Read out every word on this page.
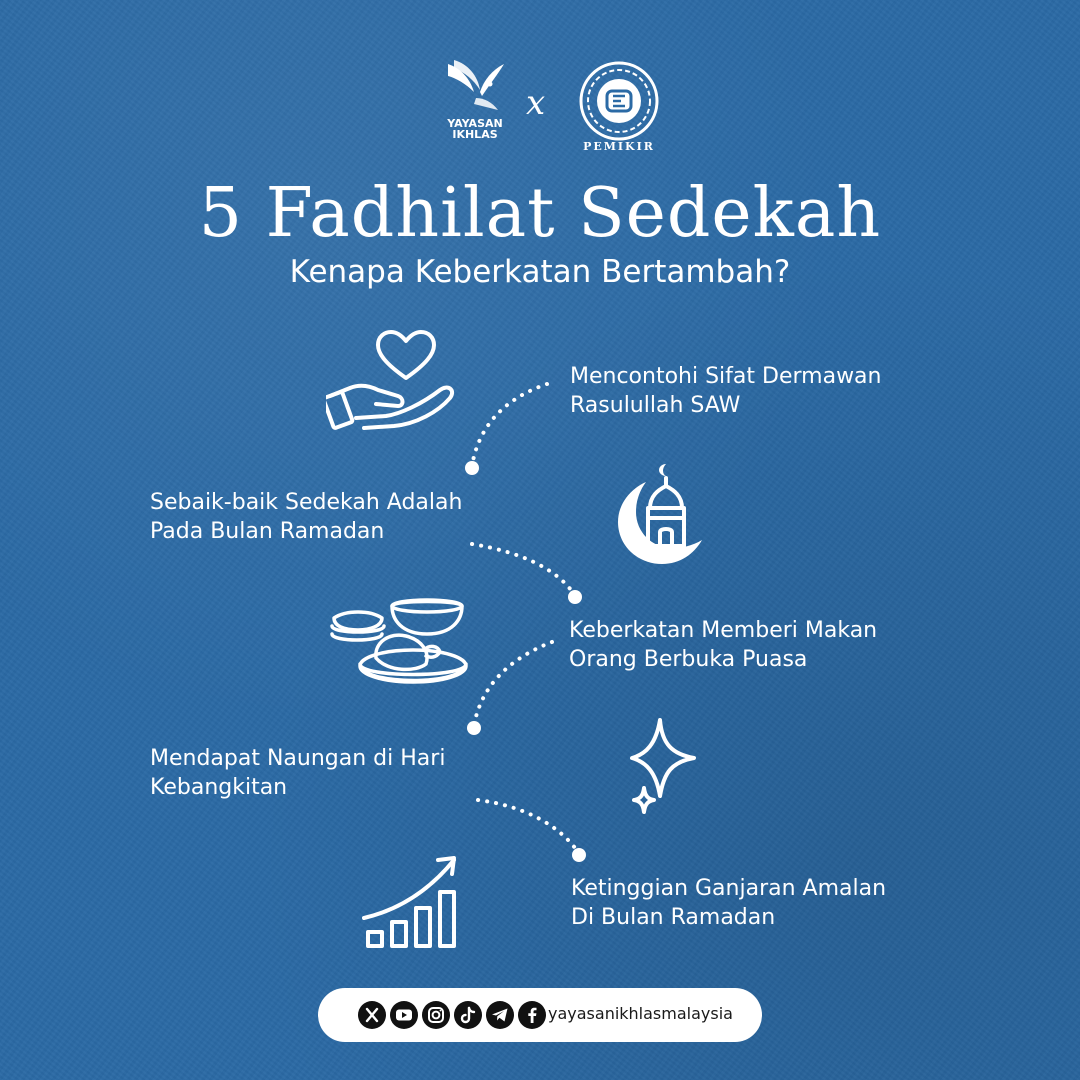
YAYASAN
IKHLAS
x
PEMIKIR
5 Fadhilat Sedekah
Kenapa Keberkatan Bertambah?
Mencontohi Sifat Dermawan
Rasulullah SAW
Sebaik-baik Sedekah Adalah
Pada Bulan Ramadan
Keberkatan Memberi Makan
Orang Berbuka Puasa
Mendapat Naungan di Hari
Kebangkitan
Ketinggian Ganjaran Amalan
Di Bulan Ramadan
yayasanikhlasmalaysia
